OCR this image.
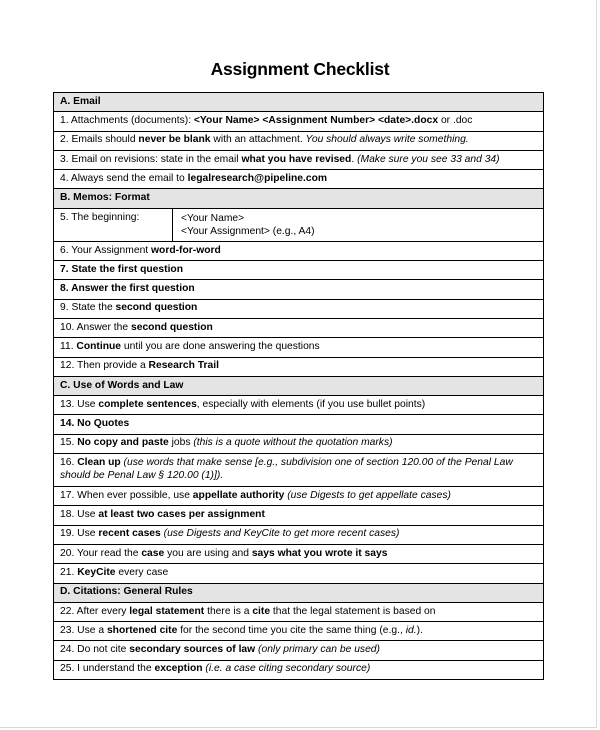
Assignment Checklist
A. Email
1. Attachments (documents): <Your Name> <Assignment Number> <date>.docx or .doc
2. Emails should never be blank with an attachment. You should always write something.
3. Email on revisions: state in the email what you have revised. (Make sure you see 33 and 34)
4. Always send the email to legalresearch@pipeline.com
B. Memos: Format

5. The beginning:	<Your Name>
<Your Assignment> (e.g., A4)

6. Your Assignment word-for-word
7. State the first question
8. Answer the first question
9. State the second question
10. Answer the second question
11. Continue until you are done answering the questions
12. Then provide a Research Trail
C. Use of Words and Law
13. Use complete sentences, especially with elements (if you use bullet points)
14. No Quotes
15. No copy and paste jobs (this is a quote without the quotation marks)
16. Clean up (use words that make sense [e.g., subdivision one of section 120.00 of the Penal Law should be Penal Law § 120.00 (1)]).
17. When ever possible, use appellate authority (use Digests to get appellate cases)
18. Use at least two cases per assignment
19. Use recent cases (use Digests and KeyCite to get more recent cases)
20. Your read the case you are using and says what you wrote it says
21. KeyCite every case
D. Citations: General Rules
22. After every legal statement there is a cite that the legal statement is based on
23. Use a shortened cite for the second time you cite the same thing (e.g., id.).
24. Do not cite secondary sources of law (only primary can be used)
25. I understand the exception (i.e. a case citing secondary source)
